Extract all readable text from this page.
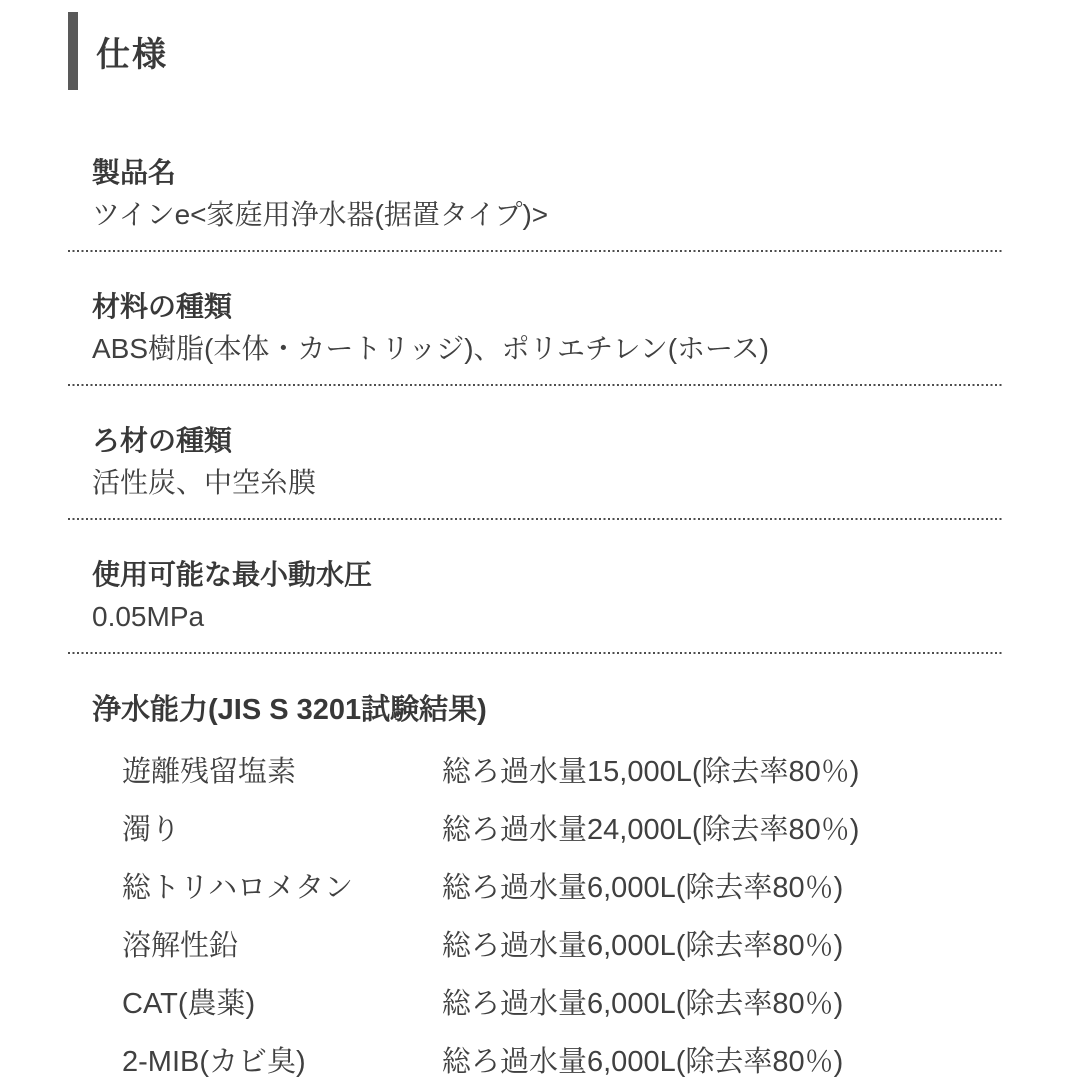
仕様
製品名
ツインe<家庭用浄水器(据置タイプ)>
材料の種類
ABS樹脂(本体・カートリッジ)、ポリエチレン(ホース)
ろ材の種類
活性炭、中空糸膜
使用可能な最小動水圧
0.05MPa
浄水能力(JIS S 3201試験結果)
遊離残留塩素	総ろ過水量15,000L(除去率80％)
濁り	総ろ過水量24,000L(除去率80％)
総トリハロメタン	総ろ過水量6,000L(除去率80％)
溶解性鉛	総ろ過水量6,000L(除去率80％)
CAT(農薬)	総ろ過水量6,000L(除去率80％)
2-MIB(カビ臭)	総ろ過水量6,000L(除去率80％)
